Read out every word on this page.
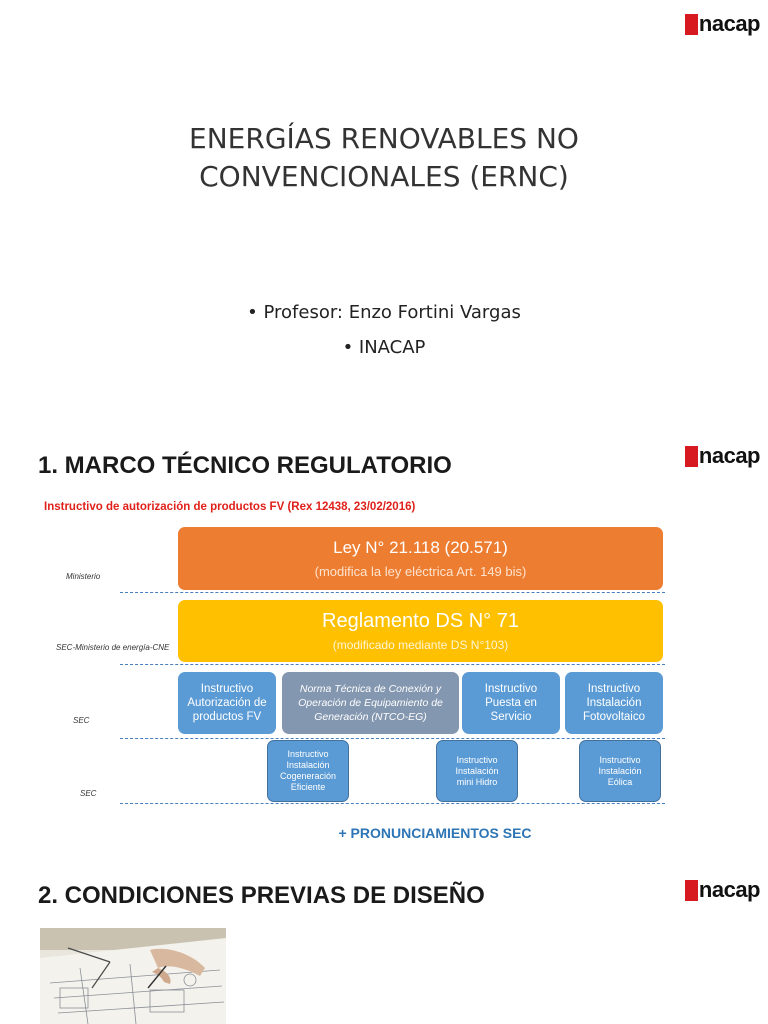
nacap
ENERGÍAS RENOVABLES NO
CONVENCIONALES (ERNC)
• Profesor: Enzo Fortini Vargas
• INACAP
nacap
1. MARCO TÉCNICO REGULATORIO
Instructivo de autorización de productos FV (Rex 12438, 23/02/2016)
Ministerio
SEC-Ministerio de energía-CNE
SEC
SEC
Ley N° 21.118 (20.571)
(modifica la ley eléctrica Art. 149 bis)
Reglamento DS N° 71
(modificado mediante DS N°103)
Instructivo Autorización de productos FV
Norma Técnica de Conexión y Operación de Equipamiento de Generación (NTCO-EG)
Instructivo Puesta en Servicio
Instructivo Instalación Fotovoltaico
Instructivo Instalación Cogeneración Eficiente
Instructivo Instalación mini Hidro
Instructivo Instalación Eólica
+ PRONUNCIAMIENTOS SEC
nacap
2. CONDICIONES PREVIAS DE DISEÑO
